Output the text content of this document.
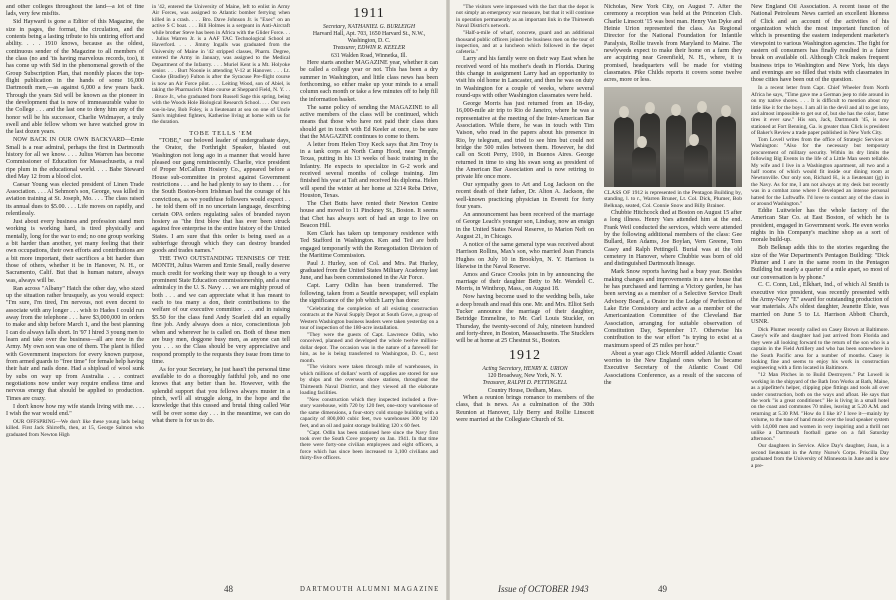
and other colleges throughout the land—a lot of fine lads, very few misfits.

Sid Hayward is gone a Editor of this Magazine, the size in pages, the format, the circulation, and the contents being a lasting tribute to his untiring effort and ability. . . . 1910 knows, because as the oldest, continuous sender of the Magazine to all members of the class (no and 'tis having marvelous records, too), it has come up with Sid in the phenomenal growth of the Group Subscription Plan, that monthly places the top-flight publication in the hands of some 16,000 Dartmouth men,—as against 6,000 a few years back. Through the years Sid will be known as the pioneer in the development that is now of immeasurable value to the College . . . and the last one to deny him any of the honor will be his successor, Charlie Widmayer, a truly swell and able fellow whom we have watched grow in the last dozen years.

NOW BACK IN OUR OWN BACKYARD—Ernie Small is a rear admiral, perhaps the first in Dartmouth history for all we know. . . . Julius Warren has become Commissioner of Education for Massachusetts, a real ripe plum in the educational world. . . . Babe Steward died May 12 from a blood clot.

Caesar Young was elected president of Linen Trade Association. . . . Al Sehmon's son, George, was killed in aviation training at St. Joseph, Mo. . . . The class raised its annual dues to $5.00. . . . Life moves on rapidly, and relentlessly.

Just about every business and profession stand men working is working hard, is tired physically and mentally, long for the war to end; no one group working a bit harder than another, yet many feeling that their own occupations, their own efforts and contributions are a bit more important, their sacrifices a bit harder than those of others, whether it be in Hanover, N. H., or Sacramento, Calif. But that is human nature, always was, always will be.

Ran across "Albany" Hatch the other day, who sized up the situation rather brusquely, as you would expect: "I'm sure, I'm tired, I'm nervous, not even decent to associate with any longer . . . wish to Hades I could run away from the telephone . . . have $3,000,000 in orders to make and ship before March 1, and the best planning I can do always falls short. In '97 I hired 3 young men to learn and take over the business—all are now in the Army. My own son was one of them. The plant is filled with Government inspectors for every known purpose, from armed guards to "free time" for female help having their hair and nails done. Had a shipload of wool sunk by subs on way up from Australia . . . contract negotiations now under way require endless time and nervous energy that should be applied to production. Times are crazy.

I don't know how my wife stands living with me. . . . I wish the war would end."

OUR OFFSPRING—We don't like these young lads being killed. First Jack Shirreffs, then, at 15, George Salmon who graduated from Newton High

in '42, entered the University of Maine, left to enlist in Army Air Forces, was assigned to Atlantic bomber ferrying when killed in a crash. . . . Bro. Dave Johnson Jr. is "Exec" on an active S C boat. . . . Bill Holmes is a sergeant in Anti-Aircraft while brother Steve has been in Africa with the Glider Force. . . . Julius Warren Jr. is a AAF TAC Technological School at Haverford. . . . Jimmy Ingalls was graduated from the University of Maine in '42 stripped classes, Pharm. Degree, entered the Army in January, was assigned to the Medical Department of the Infantry. . . . Muriel Kent is a Mt. Holyoke senior. . . . Burt Noonie is attending V-12 at Hanover. . . . Lt. Cooke (Bradley) Fulton is after the Syracuse Pre-flight course is now an Air Force pilot. . . . Leiting Wood, son of Abiel, is taking the Pharmacist's Mate course at Sheppard Field, N. Y. . . . Bruce Jr., who graduated from Russell Sage this spring, being with the Woods Hole Biological Research School. . . . Our own son-in-law, Bob Foley, is a lieutenant at sea on one of Uncle Sam's mightiest fighters, Katherine living at home with us for the duration.

TOBE TELLS 'EM

"TOBE," our beloved leader of undergraduate days, the Orator, the Forthright Speaker, blasted out Washington not long ago in a manner that would have pleased our gang reminiscently. Charlie, vice president of Proper McCallum Hosiery Co., appeared before a House sub-committee in protest against Government restrictions . . . and he had plenty to say to them . . . for the South Boston-born Irishman had the courage of his convictions, as we youthfuse followers would expect . . . he told them off in no uncertain language, describing certain OPA orders regulating sales of branded rayon hosiery as "the first blow that has ever been struck against free enterprise in the entire history of the United States. I am sure that this order is being used as a subterfuge through which they can destroy branded goods and trades names."

THE TWO OUTSTANDING TENNISES OF THE MONTH, Julius Warren and Ernie Small, really deserve much credit for working their way up though to a very prominent State Education commissionership, and a rear admiralcy in the U. S. Navy . . . we are mighty proud of both . . . and we can appreciate what it has meant to each to tea many a don, their contributions to the welfare of our executive committee . . . and in raising $5.50 for the class fund Andy Scarlett did an equally fine job. Andy always does a nice, conscientious job when and wherever he is called on. Both of these men are busy men, doggone busy men, as anyone can tell you . . . so the Class should be very appreciative and respond promptly to the requests they issue from time to time.

As for your Secretary, he just hasn't the personal time available to do a thoroughly faithful job, and no one knows that any better than he. However, with the splendid support that you fellows always muster in a pinch, we'll all struggle along, in the hope and the knowledge that this cussed and brutal thing called War will be over some day . . . in the meantime, we can do what there is for us to do.

1911

Secretary, NATHANIEL G. BURLEIGH

Harvard Hall, Apt. 703, 1650 Harvard St., N.W., Washington, D. C.

Treasurer, EDWIN R. KEELER

631 Walden Road, Winnetka, Ill.

Here starts another MAGAZINE year, whether it can be called a college year or not. This has been a dry summer in Washington, and little class news has been forthcoming, so either make up your minds to a small column each month or take a few minutes off to help fill the information basket.

The same policy of sending the MAGAZINE to all active members of the class will be continued, which means that those who have not paid their class dues should get in touch with Ed Keeler at once, to be sure that the MAGAZINE continues to come to them.

A letter from Helen Troy Keck says that Jim Troy is in a tank corps at North Camp Hood, near Temple, Texas, putting in his 13 weeks of basic training in the Infantry. He expects to specialize in G-2 work and received several months of college training. Jim finished his year at Taft and received his diploma. Helen will spend the winter at her home at 3214 Reba Drive, Houston, Texas.

The Chet Butts have rented their Newton Centre house and moved to 11 Pinckney St., Boston. It seems that Chet has always sort of had an urge to live on Beacon Hill.

Ken Clark has taken up temporary residence with Ted Stafford in Washington. Ken and Ted are both engaged temporarily with the Renegotiation Division of the Maritime Commission.

Paul J. Hurley, son of Col. and Mrs. Pat Hurley, graduated from the United States Military Academy last June, and has been commissioned in the Air Force.

Capt. Larry Odlin has been transferred. The following, taken from a Seattle newspaper, will explain the significance of the job which Larry has done:

"Celebrating the completion of all existing construction contracts at the Naval Supply Depot at South Gove, a group of Western Washington business leaders were taken yesterday on a tour of inspection of the 180-acre installation.

"They were the guests of Capt. Lawrence Odlin, who conceived, planned and developed the whole twelve million-dollar depot. The occasion was in the nature of a farewell for him, as he is being transferred to Washington, D. C., next month.

"The visitors were taken through mile of warehouses, in which millions of dollars' worth of supplies are stored for use by ships and the overseas shore stations, throughout the Thirteenth Naval District, and they viewed all the elaborate loading facilities.

"New construction which they inspected included a five-story warehouse, with 720 by 120 feet, one-story warehouse of the same dimensions, a four-story cold storage building with a capacity of 800,000 cubic feet, two warehouses 300 by 120 feet, and an oil and paint storage building 120 x 60 feet.

"Capt. Odlin has been stationed here since the Navy first took over the South Cove property on Jan. 1941. In that time there were forty-one civilian employees and eight officers, a force which has since been increased to 3,100 civilians and thirty-five officers.

48	DARTMOUTH ALUMNI MAGAZINE

"The visitors were impressed with the fact that the depot is not simply an emergency war measure, but that it will continue in operation permanently as an important link in the Thirteenth Naval District's network.

"Half-a-mile of wharf, concrete, guard and an additional thousand public officers joined the business men on the tour of inspection, and at a luncheon which followed in the depot cafeteria."

Larry and his family were on their way East when he received word of his mother's death in Florida. During this change in assignment Larry had an opportunity to visit his old home in Lancaster, and then he was on duty in Washington for a couple of weeks, where several round-ups with other Washington classmates were held.

George Morris has just returned from an 18-day, 16,000-mile air trip to Rio de Janeiro, where he was a representative at the meeting of the Inter-American Bar Association. While there, he was in touch with Tim Vaison, who read in the papers about his presence in Rio, by telegram, and tried to see him but could not bridge the 500 miles between them. However, he did call on Scott Perry, 1910, in Buenos Aires. George returned in time to sing his swan song as president of the American Bar Association and is now retiring to private life once more.

Our sympathy goes to Art and Log Jackson on the recent death of their father, Dr. Alton A. Jackson, the well-known practicing physician in Everett for forty four years.

An announcement has been received of the marriage of George Leach's younger son, Lindsay, now an ensign in the United States Naval Reserve, to Marion Neft on August 21, in Chicago.

A notice of the same general type was received about Harrison Rollins, Max's son, who married Joan Francis Hughes on July 10 in Brooklyn, N. Y. Harrison is likewise in the Naval Reserve.

Amos and Grace Crooks join in by announcing the marriage of their daughter Betty to Mr. Wendell C. Morris, in Winthrop, Mass., on August 18.

Now having become used to the wedding bells, take a deep breath and read this one. Mr. and Mrs. Elliot Seth Tucker announce the marriage of their daughter, Betridge Emmeline, to Mr. Carl Louis Stuckler, on Thursday, the twenty-second of July, nineteen hundred and forty-three, in Boston, Massachusetts. The Stucklers will be at home at 25 Chestnut St., Boston.

1912

Acting Secretary, HENRY K. URION

120 Broadway, New York, N. Y.

Treasurer, RALPH D. PETTINGELL

Country House, Dedham, Mass.

When a reunion brings romance to members of the class, that is news. As a culmination of the 30th Reunion at Hanover, Lily Berry and Rollie Linscott were married at the Collegiate Church of St.

Nicholas, New York City, on August 7. After the ceremony a reception was held at the Princeton Club. Charlie Linscott '15 was best man. Henry Van Dyke and Heinie Urion represented the class. As Regional Director for the National Foundation for Infantile Paralysis, Rollie travels from Maryland to Maine. The newlyweds expect to make their home on a farm they are acquiring near Greenfield, N. H., where, it is promised, headquarters will be made for visiting classmates. Pike Childs reports it covers some twelve acres, more or less.

CLASS OF 1912 is represented in the Pentagon Building by, standing, l. to r., Warren Bruner, Lt. Col. Dick, Plumer, Bob Belknap, seated, Col. Connie Snow and Billy Brainer.

Chubbie Hitchcock died at Boston on August 15 after a long illness. Henry Vars attended him at the end. Frank Weil conducted the services, which were attended by the following additional members of the class: Gee Bullard, Ren Adams, Joe Boylan, Vern Greene, Tom Casey and Ralph Pettingell. Burial was at the old cemetery in Hanover, where Chubbie was born of old and distinguished Dartmouth lineage.

Mark Snow reports having had a busy year. Besides making changes and improvements in a new house that he has purchased and farming a Victory garden, he has been serving as a member of a Selective Service Draft Advisory Board, a Orator in the Lodge of Perfection of Lake Erie Consistory and active as a member of the Americanization Committee of the Cleveland Bar Association, arranging for suitable observation of Constitution Day, September 17. Otherwise his contribution to the war effort "is trying to exist at a maximum speed of 25 miles per hour."

About a year ago Click Morrill added Atlantic Coast worries to the New England ones when he became Executive Secretary of the Atlantic Coast Oil Associations Conference, as a result of the success of the

New England Oil Association. A recent issue of the National Petroleum News carried an excellent likeness of Click and an account of the activities of his organization which the most important function of which is presenting the eastern independent marketer's viewpoint to various Washington agencies. The fight for eastern oil consumers has finally resulted in a fairer break on available oil. Although Click makes frequent business trips to Washington and New York, his days and evenings are so filled that visits with classmates in those cities have been out of the question.

In a recent letter from Capt. Chief Wheeler from North Africa he says, "Time gave me a German jeep to ride around in on my native shores. . . . It is difficult to mention about my little like it for the boys. I am all in the devil and all to get into, and almost impossible to get out of, but she has the color, fatter tires it ever saw." His son, Jack, Dartmouth '45, is now stationed at Fort Benning, Ga. is greater than Click is president of Baker's Review a trade paper published in New York City.

Tom Lovell writes from the office of Strategic Services at Washington: "Also for the necessary but temporary procurement of military security. Within its dry limits the following Big Events in the life of a Little Man seem tellable. My wife and I live in a Washington apartment, all two and a half rooms of which would fit inside our dining room at Newtonville. Our only son, Richard H., is a lieutenant (jg) in the Navy. As for me, I am not always at my desk but recently was in a combat zone where I developed an intense personal hatred for the Luftwaffe. I'd love to contact any of the class in or around Washington."

Eddie Luitwieler has the whole factory of the American Star Co. at East Boston, of which he is president, engaged in Government work. He even works nights in his Company's machine shop as a sort of morale build-up.

Bob Belknap adds this to the stories regarding the size of the War Department's Pentagon Building: "Dick Plumer and I are in the same room in the Pentagon Building but nearly a quarter of a mile apart, so most of our conversation is by phone."

C. C. Conn, Ltd., Elkhart, Ind., of which Al Smith is executive vice president, was recently presented with the Army-Navy "E" award for outstanding production of war materials. Al's oldest daughter, Jeanette Elsie, was married on June 5 to Lt. Harrison Abbott Church, USNR.

Dick Plumer recently called on Casey Brown at Baltimore. Casey's wife and daughter had just arrived from Florida and they were all looking forward to the return of the son who is a captain in the Field Artillery and who has been somewhere in the South Pacific area for a number of months. Casey is looking fine and seems to enjoy his work in construction engineering with a firm located in Baltimore.

"12 Man Pitches in to Build Destroyers." Pat Lowell is working in the shipyard of the Bath Iron Works at Bath, Maine, as a pipefitter's helper, clipping pipe fittings and tools all over under construction, both on the ways and afloat. He says that the work "is a great conditioner." He is living in a small hotel on the coast and commutes 70 miles, leaving at 5.20 A.M. and returning at 5.30 P.M. "How do I like it? I love it—mainly by volume, to the tune of hand music over the loud speaker system with 14,000 men and women in very inspiring and a thrill not unlike a Dartmouth football game on a fall Saturday afternoon."

Our daughters in Service. Alice Day's daughter, Joan, is a second lieutenant in the Army Nurse's Corps. Priscilla Day graduated from the University of Minnesota in June and is now a pre-

Issue of OCTOBER 1943	49
